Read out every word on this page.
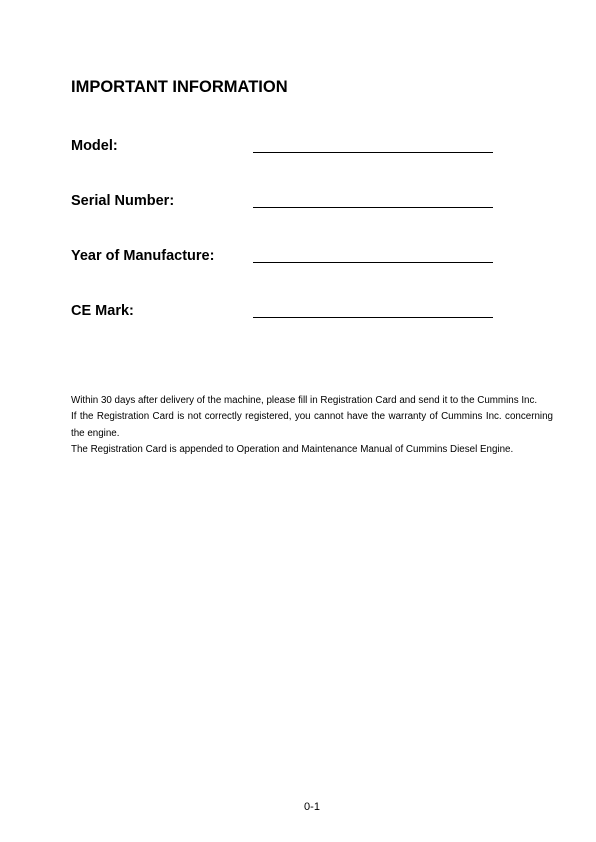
IMPORTANT INFORMATION
Model:
Serial Number:
Year of Manufacture:
CE Mark:

Within 30 days after delivery of the machine, please fill in Registration Card and send it to the Cummins Inc.

If the Registration Card is not correctly registered, you cannot have the warranty of Cummins Inc. concerning the engine.

The Registration Card is appended to Operation and Maintenance Manual of Cummins Diesel Engine.

0-1
